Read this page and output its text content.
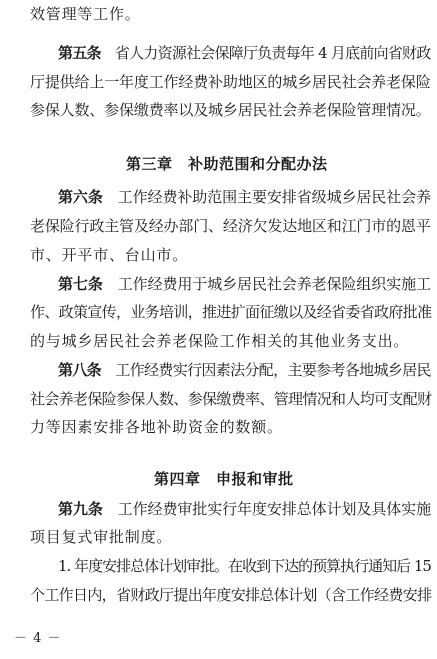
效管理等工作。
第五条　 省人力资源社会保障厅负责每年 4 月底前向省财政
厅提供给上一年度工作经费补助地区的城乡居民社会养老保险
参保人数、参保缴费率以及城乡居民社会养老保险管理情况。
第三章　补助范围和分配办法
第六条　 工作经费补助范围主要安排省级城乡居民社会养
老保险行政主管及经办部门、经济欠发达地区和江门市的恩平
市、开平市、台山市。
第七条　 工作经费用于城乡居民社会养老保险组织实施工
作、政策宣传，业务培训，推进扩面征缴以及经省委省政府批准
的与城乡居民社会养老保险工作相关的其他业务支出。
第八条　 工作经费实行因素法分配，主要参考各地城乡居民
社会养老保险参保人数、参保缴费率、管理情况和人均可支配财
力等因素安排各地补助资金的数额。
第四章　申报和审批
第九条　 工作经费审批实行年度安排总体计划及具体实施
项目复式审批制度。
1. 年度安排总体计划审批。在收到下达的预算执行通知后 15
个工作日内，省财政厅提出年度安排总体计划（含工作经费安排
－ 4 －
